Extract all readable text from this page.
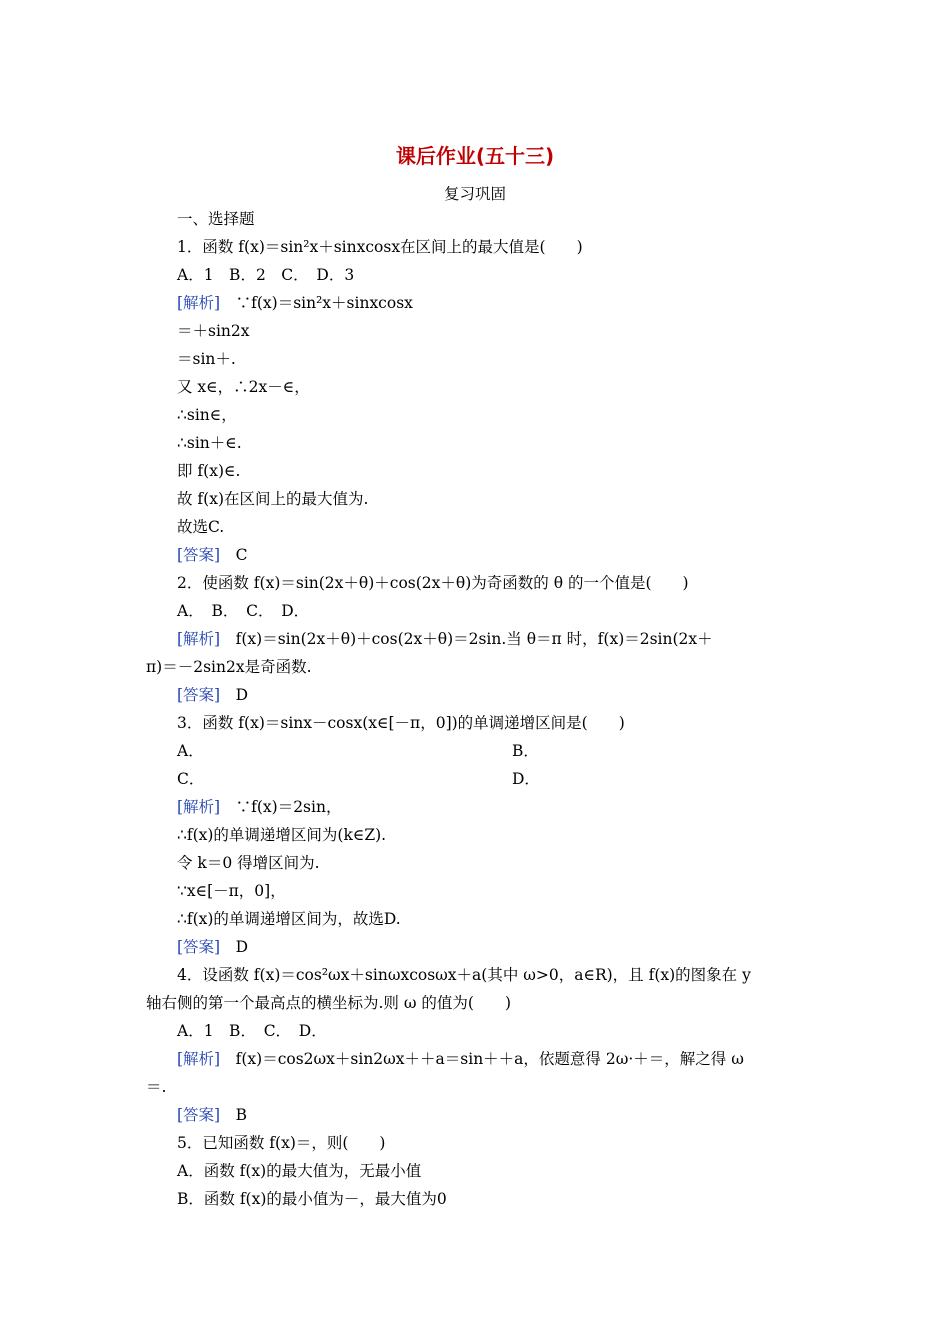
课后作业(五十三)
复习巩固
一、选择题
1．函数 f(x)＝sin²x＋sinxcosx在区间上的最大值是(　　)
A．1　B．2　C．　D．3
[解析]　 ∵f(x)＝sin²x＋sinxcosx
＝＋sin2x
＝sin＋.
又 x∈，∴2x－∈，
∴sin∈，
∴sin＋∈.
即 f(x)∈.
故 f(x)在区间上的最大值为.
故选C.
[答案]　 C
2．使函数 f(x)＝sin(2x＋θ)＋cos(2x＋θ)为奇函数的 θ 的一个值是(　　)
A．　B．　C．　D．
[解析]　 f(x)＝sin(2x＋θ)＋cos(2x＋θ)＝2sin.当 θ＝π 时，f(x)＝2sin(2x＋
π)＝－2sin2x是奇函数.
[答案]　 D
3．函数 f(x)＝sinx－cosx(x∈[－π，0])的单调递增区间是(　　)
A．	B．
C．	D．
[解析]　 ∵f(x)＝2sin，
∴f(x)的单调递增区间为(k∈Z).
令 k＝0 得增区间为.
∵x∈[－π，0]，
∴f(x)的单调递增区间为，故选D.
[答案]　 D
4．设函数 f(x)＝cos²ωx＋sinωxcosωx＋a(其中 ω>0，a∈R)，且 f(x)的图象在 y
轴右侧的第一个最高点的横坐标为.则 ω 的值为(　　)
A．1　B．　C．　D．
[解析]　 f(x)＝cos2ωx＋sin2ωx＋＋a＝sin＋＋a，依题意得 2ω·＋＝，解之得 ω
＝.
[答案]　 B
5．已知函数 f(x)＝，则(　　)
A．函数 f(x)的最大值为，无最小值
B．函数 f(x)的最小值为－，最大值为0
